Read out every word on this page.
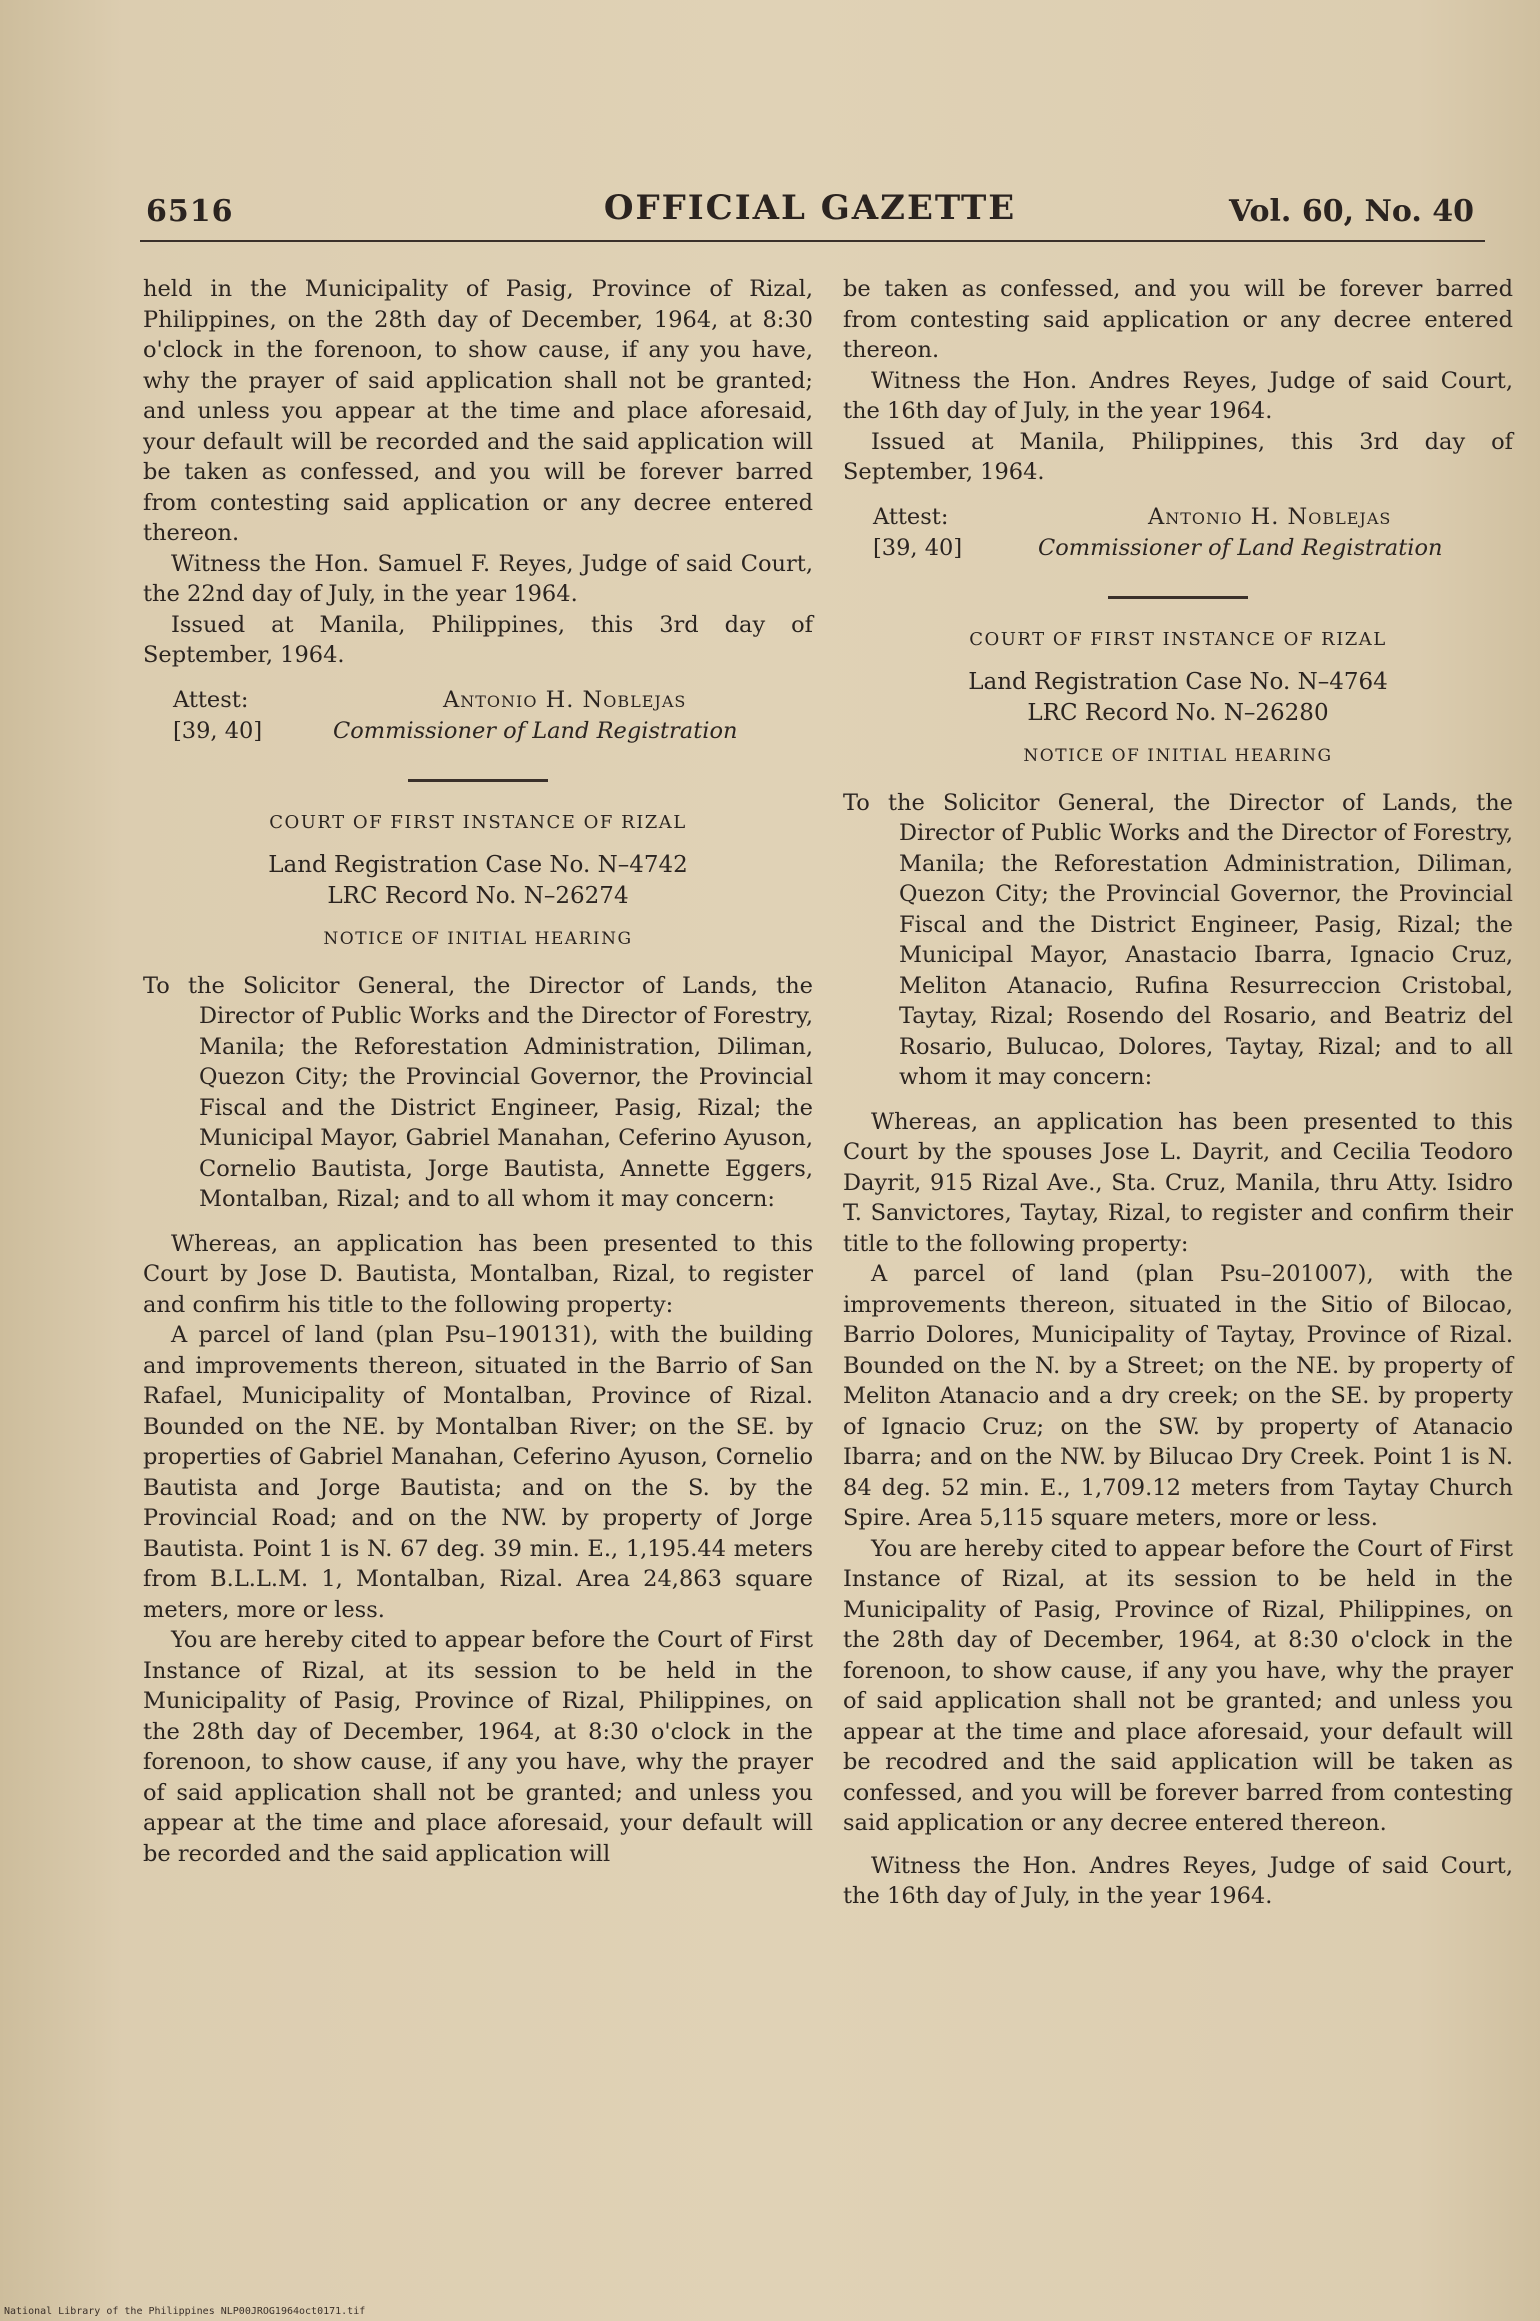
6516	OFFICIAL GAZETTE	Vol. 60, No. 40

held in the Municipality of Pasig, Province of Rizal, Philippines, on the 28th day of December, 1964, at 8:30 o'clock in the forenoon, to show cause, if any you have, why the prayer of said application shall not be granted; and unless you appear at the time and place aforesaid, your default will be recorded and the said application will be taken as confessed, and you will be forever barred from contesting said application or any decree entered thereon.

Witness the Hon. Samuel F. Reyes, Judge of said Court, the 22nd day of July, in the year 1964.

Issued at Manila, Philippines, this 3rd day of September, 1964.

Attest:
[39, 40]
Antonio H. Noblejas
Commissioner of Land Registration
COURT OF FIRST INSTANCE OF RIZAL
Land Registration Case No. N–4742
LRC Record No. N–26274
NOTICE OF INITIAL HEARING

To the Solicitor General, the Director of Lands, the Director of Public Works and the Director of Forestry, Manila; the Reforestation Administration, Diliman, Quezon City; the Provincial Governor, the Provincial Fiscal and the District Engineer, Pasig, Rizal; the Municipal Mayor, Gabriel Manahan, Ceferino Ayuson, Cornelio Bautista, Jorge Bautista, Annette Eggers, Montalban, Rizal; and to all whom it may concern:

Whereas, an application has been presented to this Court by Jose D. Bautista, Montalban, Rizal, to register and confirm his title to the following property:

A parcel of land (plan Psu–190131), with the building and improvements thereon, situated in the Barrio of San Rafael, Municipality of Montalban, Province of Rizal. Bounded on the NE. by Montalban River; on the SE. by properties of Gabriel Manahan, Ceferino Ayuson, Cornelio Bautista and Jorge Bautista; and on the S. by the Provincial Road; and on the NW. by property of Jorge Bautista. Point 1 is N. 67 deg. 39 min. E., 1,195.44 meters from B.L.L.M. 1, Montalban, Rizal. Area 24,863 square meters, more or less.

You are hereby cited to appear before the Court of First Instance of Rizal, at its session to be held in the Municipality of Pasig, Province of Rizal, Philippines, on the 28th day of December, 1964, at 8:30 o'clock in the forenoon, to show cause, if any you have, why the prayer of said application shall not be granted; and unless you appear at the time and place aforesaid, your default will be recorded and the said application will

be taken as confessed, and you will be forever barred from contesting said application or any decree entered thereon.

Witness the Hon. Andres Reyes, Judge of said Court, the 16th day of July, in the year 1964.

Issued at Manila, Philippines, this 3rd day of September, 1964.

Attest:
[39, 40]
Antonio H. Noblejas
Commissioner of Land Registration
COURT OF FIRST INSTANCE OF RIZAL
Land Registration Case No. N–4764
LRC Record No. N–26280
NOTICE OF INITIAL HEARING

To the Solicitor General, the Director of Lands, the Director of Public Works and the Director of Forestry, Manila; the Reforestation Administration, Diliman, Quezon City; the Provincial Governor, the Provincial Fiscal and the District Engineer, Pasig, Rizal; the Municipal Mayor, Anastacio Ibarra, Ignacio Cruz, Meliton Atanacio, Rufina Resurreccion Cristobal, Taytay, Rizal; Rosendo del Rosario, and Beatriz del Rosario, Bulucao, Dolores, Taytay, Rizal; and to all whom it may concern:

Whereas, an application has been presented to this Court by the spouses Jose L. Dayrit, and Cecilia Teodoro Dayrit, 915 Rizal Ave., Sta. Cruz, Manila, thru Atty. Isidro T. Sanvictores, Taytay, Rizal, to register and confirm their title to the following property:

A parcel of land (plan Psu–201007), with the improvements thereon, situated in the Sitio of Bilocao, Barrio Dolores, Municipality of Taytay, Province of Rizal. Bounded on the N. by a Street; on the NE. by property of Meliton Atanacio and a dry creek; on the SE. by property of Ignacio Cruz; on the SW. by property of Atanacio Ibarra; and on the NW. by Bilucao Dry Creek. Point 1 is N. 84 deg. 52 min. E., 1,709.12 meters from Taytay Church Spire. Area 5,115 square meters, more or less.

You are hereby cited to appear before the Court of First Instance of Rizal, at its session to be held in the Municipality of Pasig, Province of Rizal, Philippines, on the 28th day of December, 1964, at 8:30 o'clock in the forenoon, to show cause, if any you have, why the prayer of said application shall not be granted; and unless you appear at the time and place aforesaid, your default will be recodred and the said application will be taken as confessed, and you will be forever barred from contesting said application or any decree entered thereon.

Witness the Hon. Andres Reyes, Judge of said Court, the 16th day of July, in the year 1964.

National Library of the Philippines NLP00JROG1964oct0171.tif
